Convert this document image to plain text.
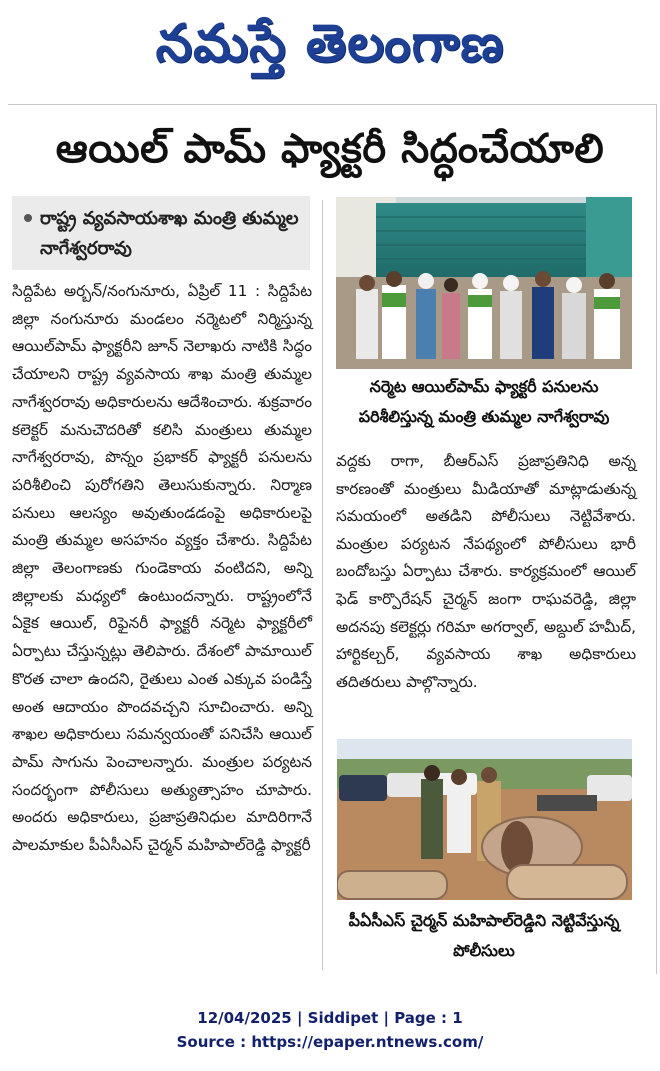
నమస్తే తెలంగాణ
ఆయిల్ పామ్ ఫ్యాక్టరీ సిద్ధంచేయాలి
రాష్ట్ర వ్యవసాయశాఖ మంత్రి తుమ్మల నాగేశ్వరరావు

సిద్దిపేట అర్బన్/నంగునూరు, ఏప్రిల్ 11 : సిద్దిపేట జిల్లా నంగునూరు మండలం నర్మెటలో నిర్మిస్తున్న ఆయిల్‌పామ్ ఫ్యాక్టరీని జూన్ నెలాఖరు నాటికి సిద్ధం చేయాలని రాష్ట్ర వ్యవసాయ శాఖ మంత్రి తుమ్మల నాగేశ్వరరావు అధికారులను ఆదేశించారు. శుక్రవారం కలెక్టర్ మనుచౌదరితో కలిసి మంత్రులు తుమ్మల నాగేశ్వరరావు, పొన్నం ప్రభాకర్ ఫ్యాక్టరీ పనులను పరిశీలించి పురోగతిని తెలుసుకున్నారు. నిర్మాణ పనులు ఆలస్యం అవుతుండడంపై అధికారులపై మంత్రి తుమ్మల అసహనం వ్యక్తం చేశారు. సిద్దిపేట జిల్లా తెలంగాణకు గుండెకాయ వంటిదని, అన్ని జిల్లాలకు మధ్యలో ఉంటుందన్నారు. రాష్ట్రంలోనే ఏకైక ఆయిల్, రిఫైనరీ ఫ్యాక్టరీ నర్మెట ఫ్యాక్టరీలో ఏర్పాటు చేస్తున్నట్లు తెలిపారు. దేశంలో పామాయిల్ కొరత చాలా ఉందని, రైతులు ఎంత ఎక్కువ పండిస్తే అంత ఆదాయం పొందవచ్చని సూచించారు. అన్ని శాఖల అధికారులు సమన్వయంతో పనిచేసి ఆయిల్ పామ్ సాగును పెంచాలన్నారు. మంత్రుల పర్యటన సందర్భంగా పోలీసులు అత్యుత్సాహం చూపారు. అందరు అధికారులు, ప్రజాప్రతినిధుల మాదిరిగానే పాలమాకుల పీఏసీఎస్ చైర్మన్ మహిపాల్‌రెడ్డి ఫ్యాక్టరీ

నర్మెట ఆయిల్‌పామ్ ఫ్యాక్టరీ పనులను పరిశీలిస్తున్న మంత్రి తుమ్మల నాగేశ్వరావు

వద్దకు రాగా, బీఆర్ఎస్ ప్రజాప్రతినిధి అన్న కారణంతో మంత్రులు మీడియాతో మాట్లాడుతున్న సమయంలో అతడిని పోలీసులు నెట్టివేశారు. మంత్రుల పర్యటన నేపథ్యంలో పోలీసులు భారీ బందోబస్తు ఏర్పాటు చేశారు. కార్యక్రమంలో ఆయిల్ ఫెడ్ కార్పొరేషన్ చైర్మన్ జంగా రాఘవరెడ్డి, జిల్లా అదనపు కలెక్టర్లు గరిమా అగర్వాల్, అబ్దుల్ హమీద్, హార్టికల్చర్, వ్యవసాయ శాఖ అధికారులు తదితరులు పాల్గొన్నారు.

పీఏసీఎస్ చైర్మన్ మహిపాల్‌రెడ్డిని నెట్టివేస్తున్న పోలీసులు
12/04/2025 | Siddipet | Page : 1
Source : https://epaper.ntnews.com/
